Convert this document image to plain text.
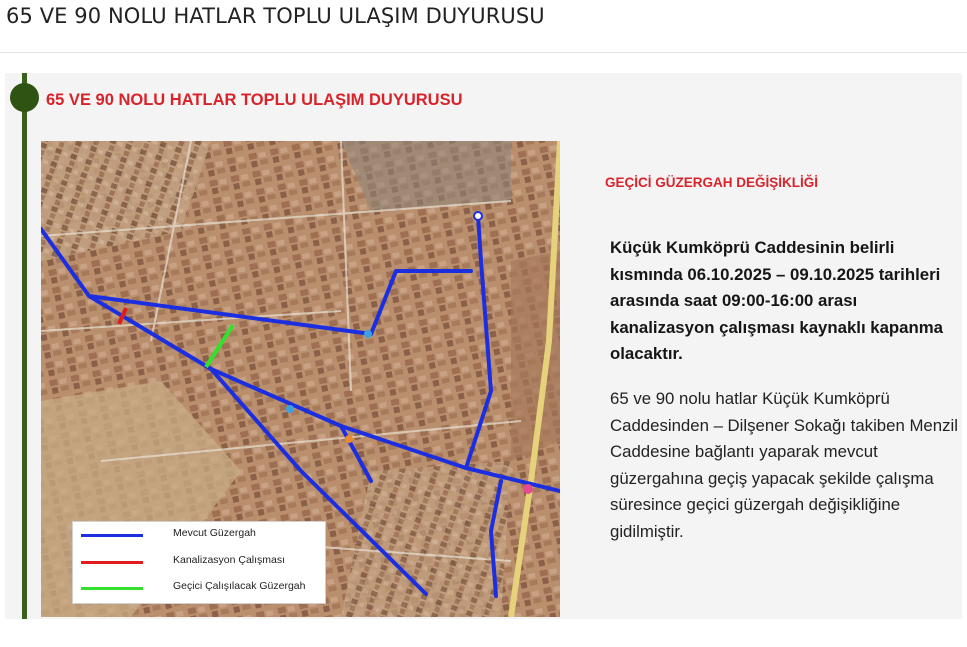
65 VE 90 NOLU HATLAR TOPLU ULAŞIM DUYURUSU
65 VE 90 NOLU HATLAR TOPLU ULAŞIM DUYURUSU
Mevcut Güzergah
Kanalizasyon Çalışması
Geçici Çalışılacak Güzergah
GEÇİCİ GÜZERGAH DEĞİŞİKLİĞİ
Küçük Kumköprü Caddesinin belirli kısmında 06.10.2025 – 09.10.2025 tarihleri arasında saat 09:00-16:00 arası kanalizasyon çalışması kaynaklı kapanma olacaktır.
65 ve 90 nolu hatlar Küçük Kumköprü Caddesinden – Dilşener Sokağı takiben Menzil Caddesine bağlantı yaparak mevcut güzergahına geçiş yapacak şekilde çalışma süresince geçici güzergah değişikliğine gidilmiştir.
